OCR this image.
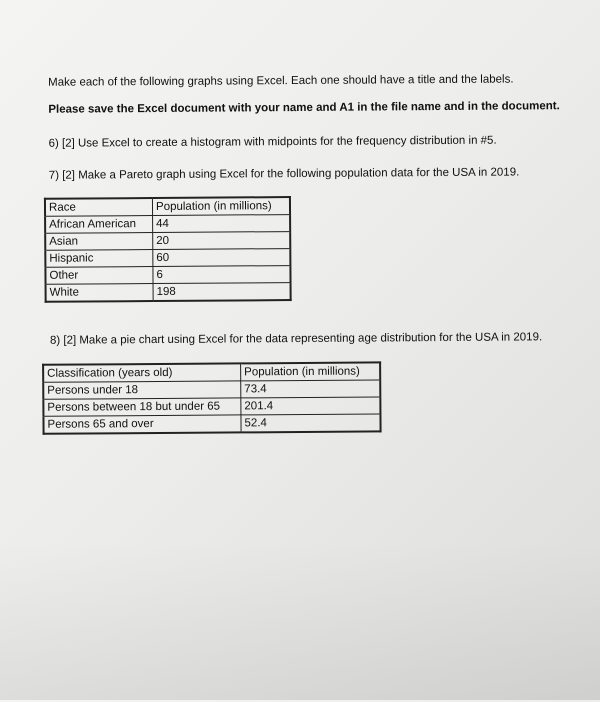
Make each of the following graphs using Excel. Each one should have a title and the labels.
Please save the Excel document with your name and A1 in the file name and in the document.
6) [2] Use Excel to create a histogram with midpoints for the frequency distribution in #5.
7) [2] Make a Pareto graph using Excel for the following population data for the USA in 2019.
Race	Population (in millions)
African American	44
Asian	20
Hispanic	60
Other	6
White	198
8) [2] Make a pie chart using Excel for the data representing age distribution for the USA in 2019.
Classification (years old)	Population (in millions)
Persons under 18	73.4
Persons between 18 but under 65	201.4
Persons 65 and over	52.4
